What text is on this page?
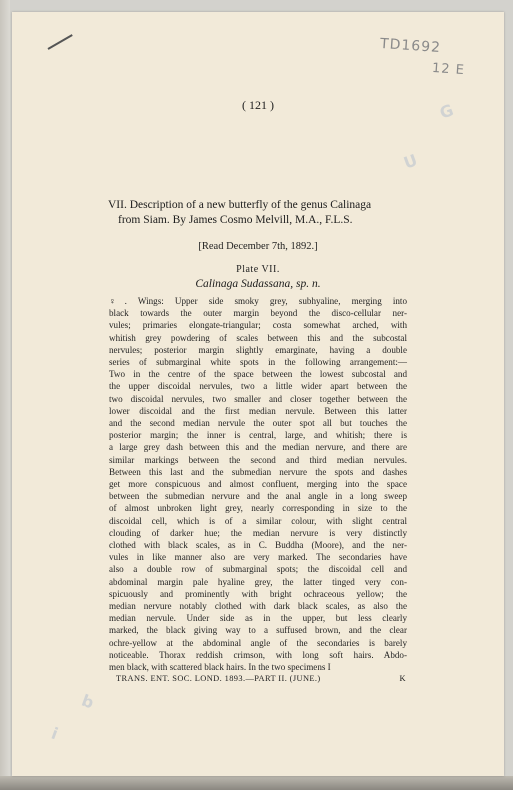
TD1692
12 E
G
U
b
i
( 121 )
VII. Description of a new butterfly of the genus Calinaga
from Siam. By James Cosmo Melvill, M.A., F.L.S.
[Read December 7th, 1892.]
Plate VII.
Calinaga Sudassana, sp. n.
♀. Wings: Upper side smoky grey, subhyaline, merging into
black towards the outer margin beyond the disco-cellular ner-
vules; primaries elongate-triangular; costa somewhat arched, with
whitish grey powdering of scales between this and the subcostal
nervules; posterior margin slightly emarginate, having a double
series of submarginal white spots in the following arrangement:—
Two in the centre of the space between the lowest subcostal and
the upper discoidal nervules, two a little wider apart between the
two discoidal nervules, two smaller and closer together between the
lower discoidal and the first median nervule. Between this latter
and the second median nervule the outer spot all but touches the
posterior margin; the inner is central, large, and whitish; there is
a large grey dash between this and the median nervure, and there are
similar markings between the second and third median nervules.
Between this last and the submedian nervure the spots and dashes
get more conspicuous and almost confluent, merging into the space
between the submedian nervure and the anal angle in a long sweep
of almost unbroken light grey, nearly corresponding in size to the
discoidal cell, which is of a similar colour, with slight central
clouding of darker hue; the median nervure is very distinctly
clothed with black scales, as in C. Buddha (Moore), and the ner-
vules in like manner also are very marked. The secondaries have
also a double row of submarginal spots; the discoidal cell and
abdominal margin pale hyaline grey, the latter tinged very con-
spicuously and prominently with bright ochraceous yellow; the
median nervure notably clothed with dark black scales, as also the
median nervule. Under side as in the upper, but less clearly
marked, the black giving way to a suffused brown, and the clear
ochre-yellow at the abdominal angle of the secondaries is barely
noticeable. Thorax reddish crimson, with long soft hairs. Abdo-
men black, with scattered black hairs. In the two specimens I
TRANS. ENT. SOC. LOND. 1893.—PART II. (JUNE.)	K
